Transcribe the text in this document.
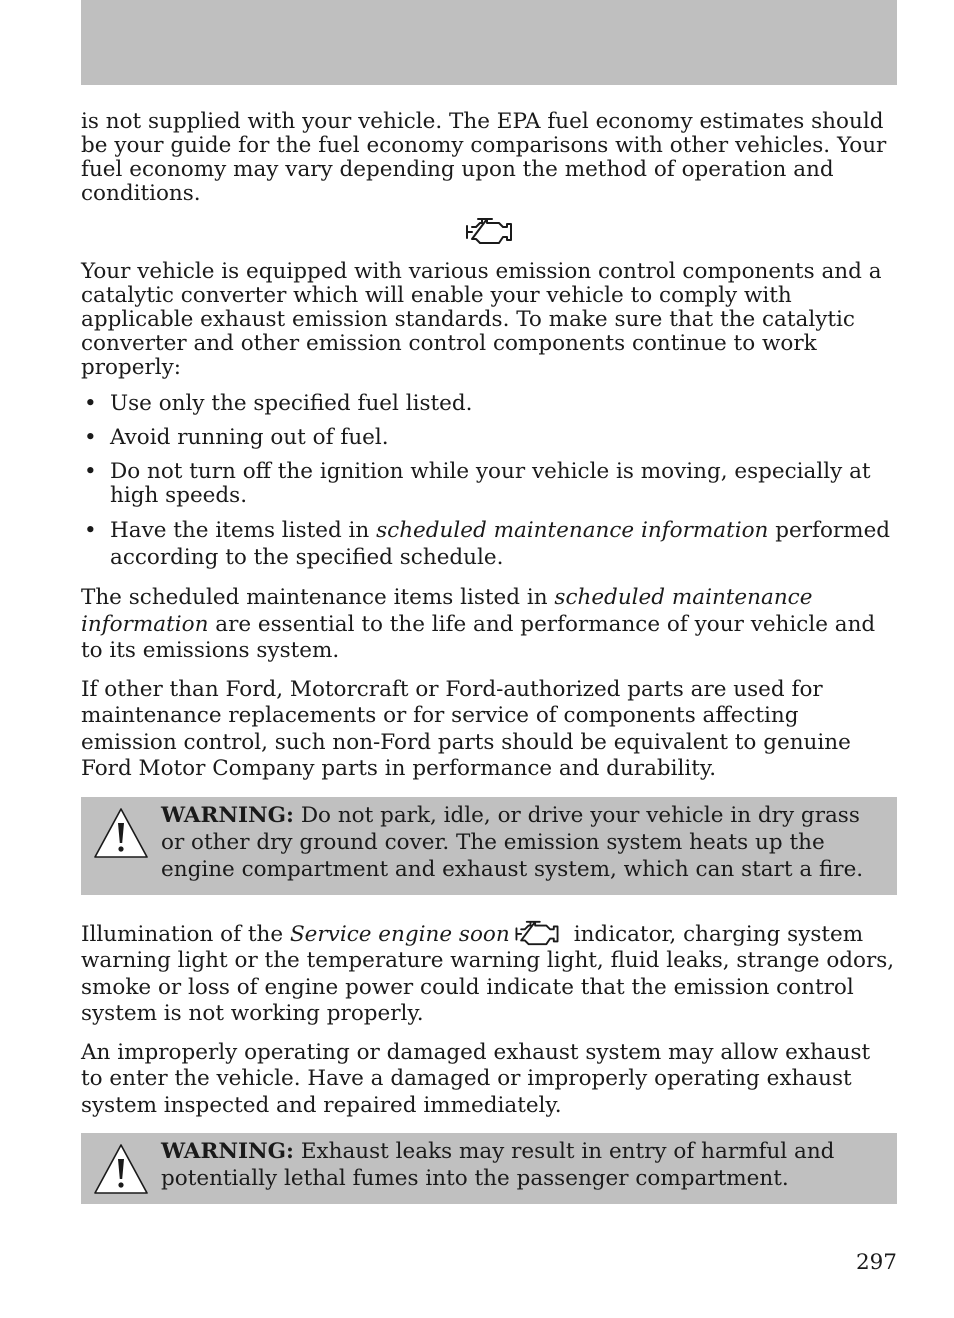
is not supplied with your vehicle. The EPA fuel economy estimates should be your guide for the fuel economy comparisons with other vehicles. Your fuel economy may vary depending upon the method of operation and conditions.

Your vehicle is equipped with various emission control components and a catalytic converter which will enable your vehicle to comply with applicable exhaust emission standards. To make sure that the catalytic converter and other emission control components continue to work properly:

• Use only the specified fuel listed.
• Avoid running out of fuel.
• Do not turn off the ignition while your vehicle is moving, especially at high speeds.
• Have the items listed in scheduled maintenance information performed according to the specified schedule.

The scheduled maintenance items listed in scheduled maintenance information are essential to the life and performance of your vehicle and to its emissions system.

If other than Ford, Motorcraft or Ford-authorized parts are used for maintenance replacements or for service of components affecting emission control, such non-Ford parts should be equivalent to genuine Ford Motor Company parts in performance and durability.

WARNING: Do not park, idle, or drive your vehicle in dry grass or other dry ground cover. The emission system heats up the engine compartment and exhaust system, which can start a fire.

Illumination of the Service engine soon	indicator, charging system warning light or the temperature warning light, fluid leaks, strange odors, smoke or loss of engine power could indicate that the emission control system is not working properly.

An improperly operating or damaged exhaust system may allow exhaust to enter the vehicle. Have a damaged or improperly operating exhaust system inspected and repaired immediately.

WARNING: Exhaust leaks may result in entry of harmful and potentially lethal fumes into the passenger compartment.
297
